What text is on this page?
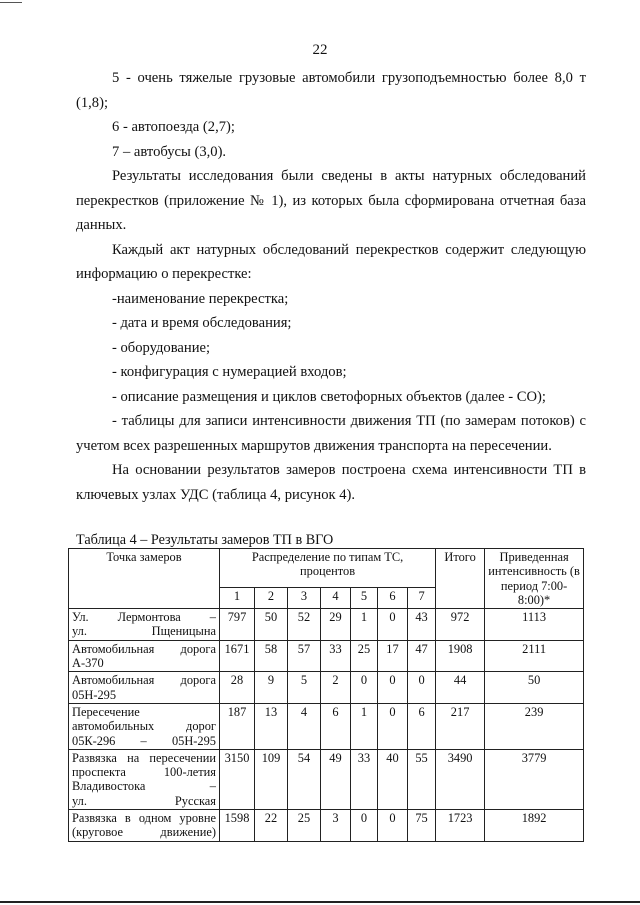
22

5 - очень тяжелые грузовые автомобили грузоподъемностью более 8,0 т (1,8);

6 - автопоезда (2,7);

7 – автобусы (3,0).

Результаты исследования были сведены в акты натурных обследований перекрестков (приложение № 1), из которых была сформирована отчетная база данных.

Каждый акт натурных обследований перекрестков содержит следующую информацию о перекрестке:

-наименование перекрестка;

- дата и время обследования;

- оборудование;

- конфигурация с нумерацией входов;

- описание размещения и циклов светофорных объектов (далее - СО);

- таблицы для записи интенсивности движения ТП (по замерам потоков) с учетом всех разрешенных маршрутов движения транспорта на пересечении.

На основании результатов замеров построена схема интенсивности ТП в ключевых узлах УДС (таблица 4, рисунок 4).

Таблица 4 – Результаты замеров ТП в ВГО
Точка замеров	Распределение по типам ТС, процентов							Итого	Приведенная интенсивность (в период 7:00-8:00)*
	1	2	3	4	5	6	7		

Ул. Лермонтова –
ул. Пщеницына	797	50	52	29	1	0	43	972	1113

Автомобильная дорога
А-370	1671	58	57	33	25	17	47	1908	2111

Автомобильная дорога
05Н-295	28	9	5	2	0	0	0	44	50

Пересечение
автомобильных дорог
05К-296 – 05Н-295	187	13	4	6	1	0	6	217	239

Развязка на пересечении
проспекта 100-летия
Владивостока –
ул. Русская	3150	109	54	49	33	40	55	3490	3779

Развязка в одном уровне
(круговое движение)	1598	22	25	3	0	0	75	1723	1892
